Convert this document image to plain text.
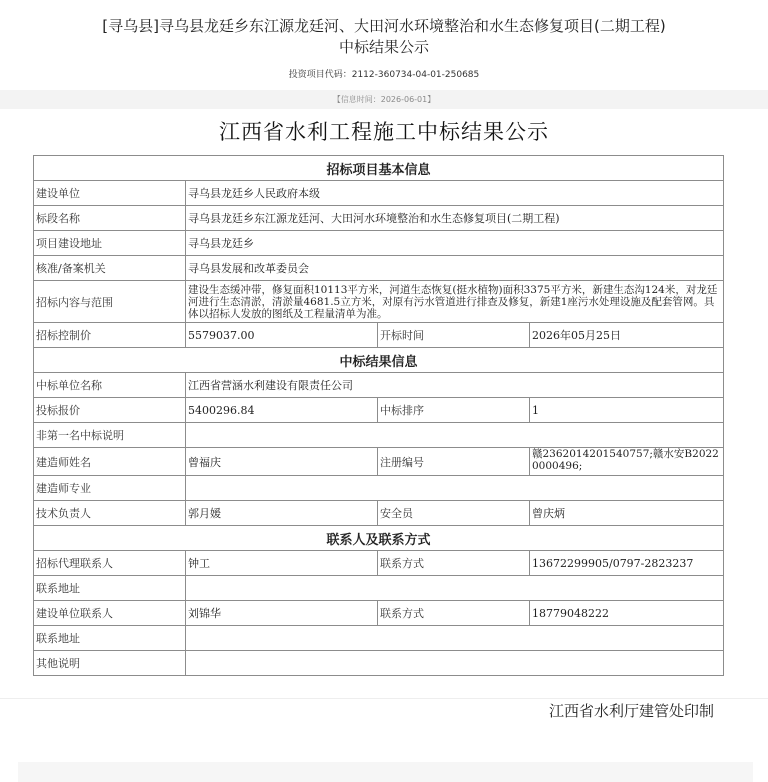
[寻乌县]寻乌县龙廷乡东江源龙廷河、大田河水环境整治和水生态修复项目(二期工程)
中标结果公示
投资项目代码：2112-360734-04-01-250685
【信息时间：2026-06-01】
江西省水利工程施工中标结果公示
招标项目基本信息			
建设单位	寻乌县龙廷乡人民政府本级		
标段名称	寻乌县龙廷乡东江源龙廷河、大田河水环境整治和水生态修复项目(二期工程)		
项目建设地址	寻乌县龙廷乡		
核准/备案机关	寻乌县发展和改革委员会		
招标内容与范围	建设生态缓冲带，修复面积10113平方米，河道生态恢复(挺水植物)面积3375平方米，新建生态沟124米，对龙廷河进行生态清淤，清淤量4681.5立方米，对原有污水管道进行排查及修复，新建1座污水处理设施及配套管网。具体以招标人发放的图纸及工程量清单为准。		
招标控制价	5579037.00	开标时间	2026年05月25日
中标结果信息			
中标单位名称	江西省营涵水利建设有限责任公司		
投标报价	5400296.84	中标排序	1
非第一名中标说明			
建造师姓名	曾福庆	注册编号	赣2362014201540757;赣水安B20220000496;
建造师专业			
技术负责人	郭月媛	安全员	曾庆炳
联系人及联系方式			
招标代理联系人	钟工	联系方式	13672299905/0797-2823237
联系地址			
建设单位联系人	刘锦华	联系方式	18779048222
联系地址			
其他说明			
江西省水利厅建管处印制
